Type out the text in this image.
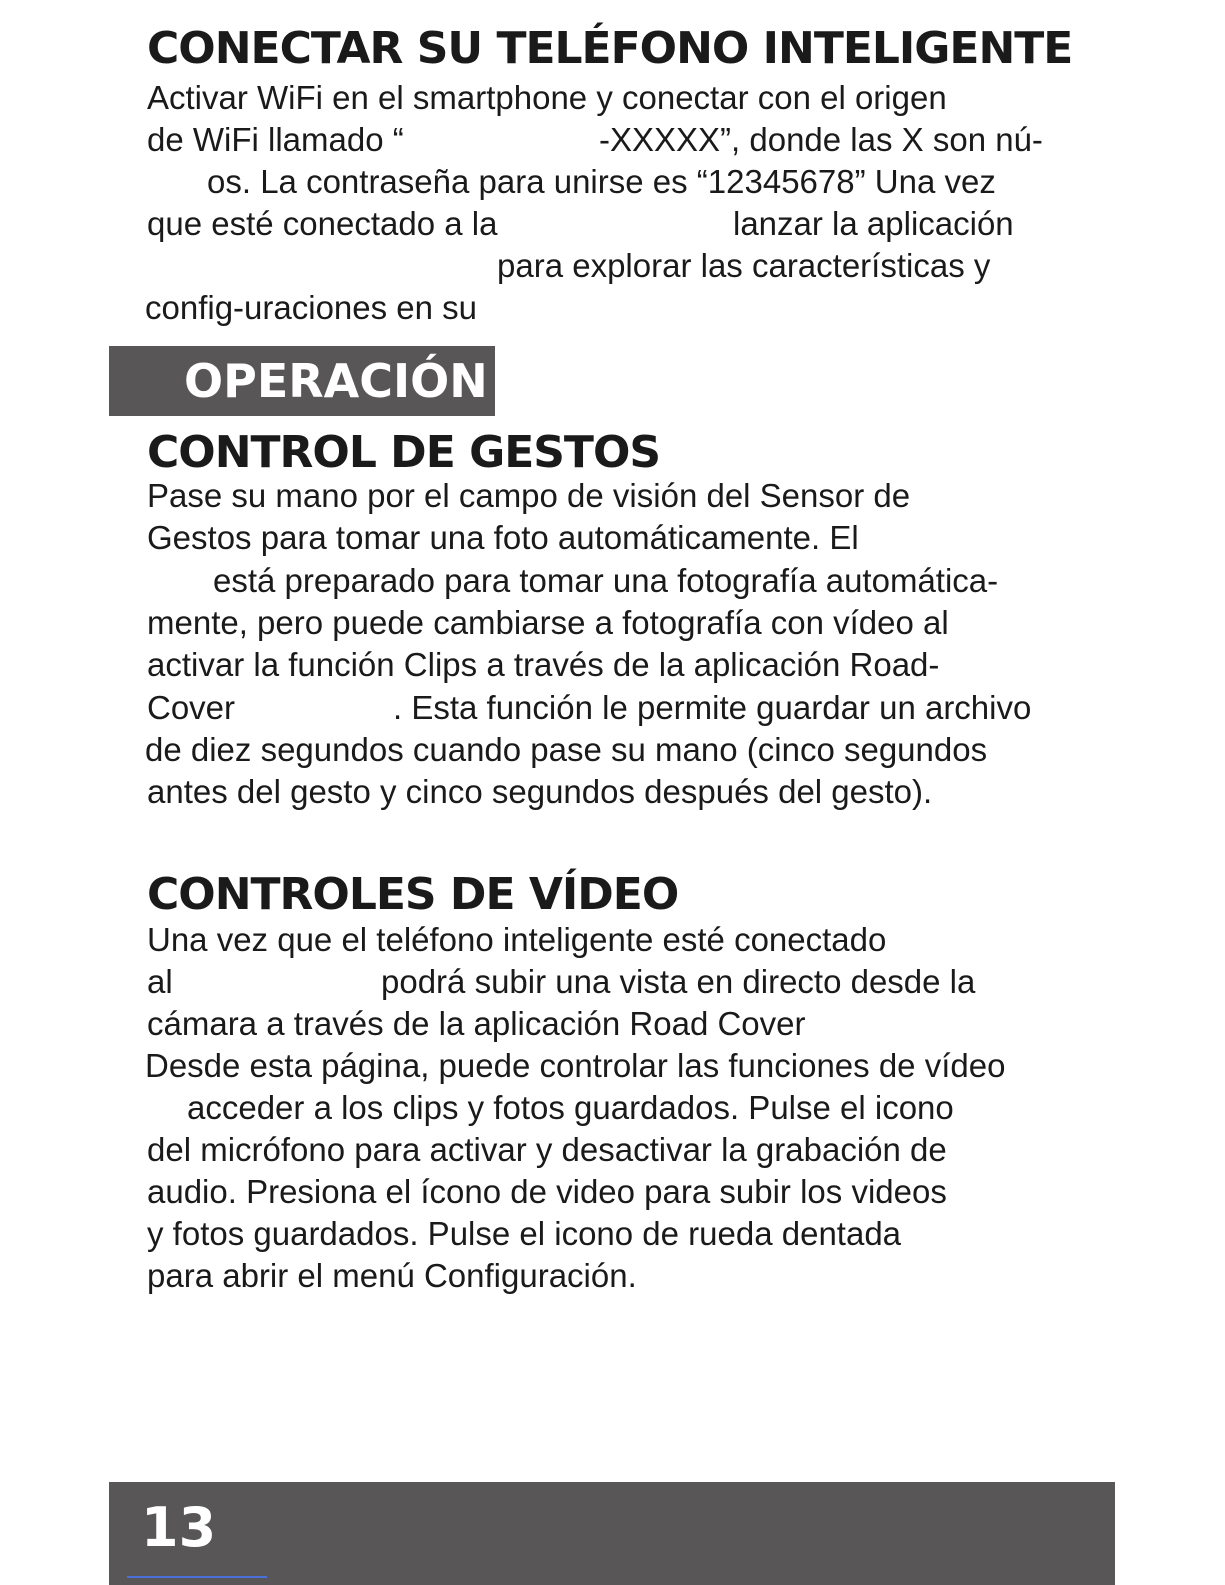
CONECTAR SU TELÉFONO INTELIGENTE

Activar WiFi en el smartphone y conectar con el origen

de WiFi llamado “	-XXXXX”, donde las X son nú-

os. La contraseña para unirse es “12345678” Una vez

que esté conectado a la	lanzar la aplicación

para explorar las características y

config-uraciones en su

OPERACIÓN

CONTROL DE GESTOS

Pase su mano por el campo de visión del Sensor de

Gestos para tomar una foto automáticamente. El

está preparado para tomar una fotografía automática-

mente, pero puede cambiarse a fotografía con vídeo al

activar la función Clips a través de la aplicación Road-

Cover	. Esta función le permite guardar un archivo

de diez segundos cuando pase su mano (cinco segundos

antes del gesto y cinco segundos después del gesto).

CONTROLES DE VÍDEO

Una vez que el teléfono inteligente esté conectado

al	podrá subir una vista en directo desde la

cámara a través de la aplicación Road Cover

Desde esta página, puede controlar las funciones de vídeo

acceder a los clips y fotos guardados. Pulse el icono

del micrófono para activar y desactivar la grabación de

audio. Presiona el ícono de video para subir los videos

y fotos guardados. Pulse el icono de rueda dentada

para abrir el menú Configuración.

13
